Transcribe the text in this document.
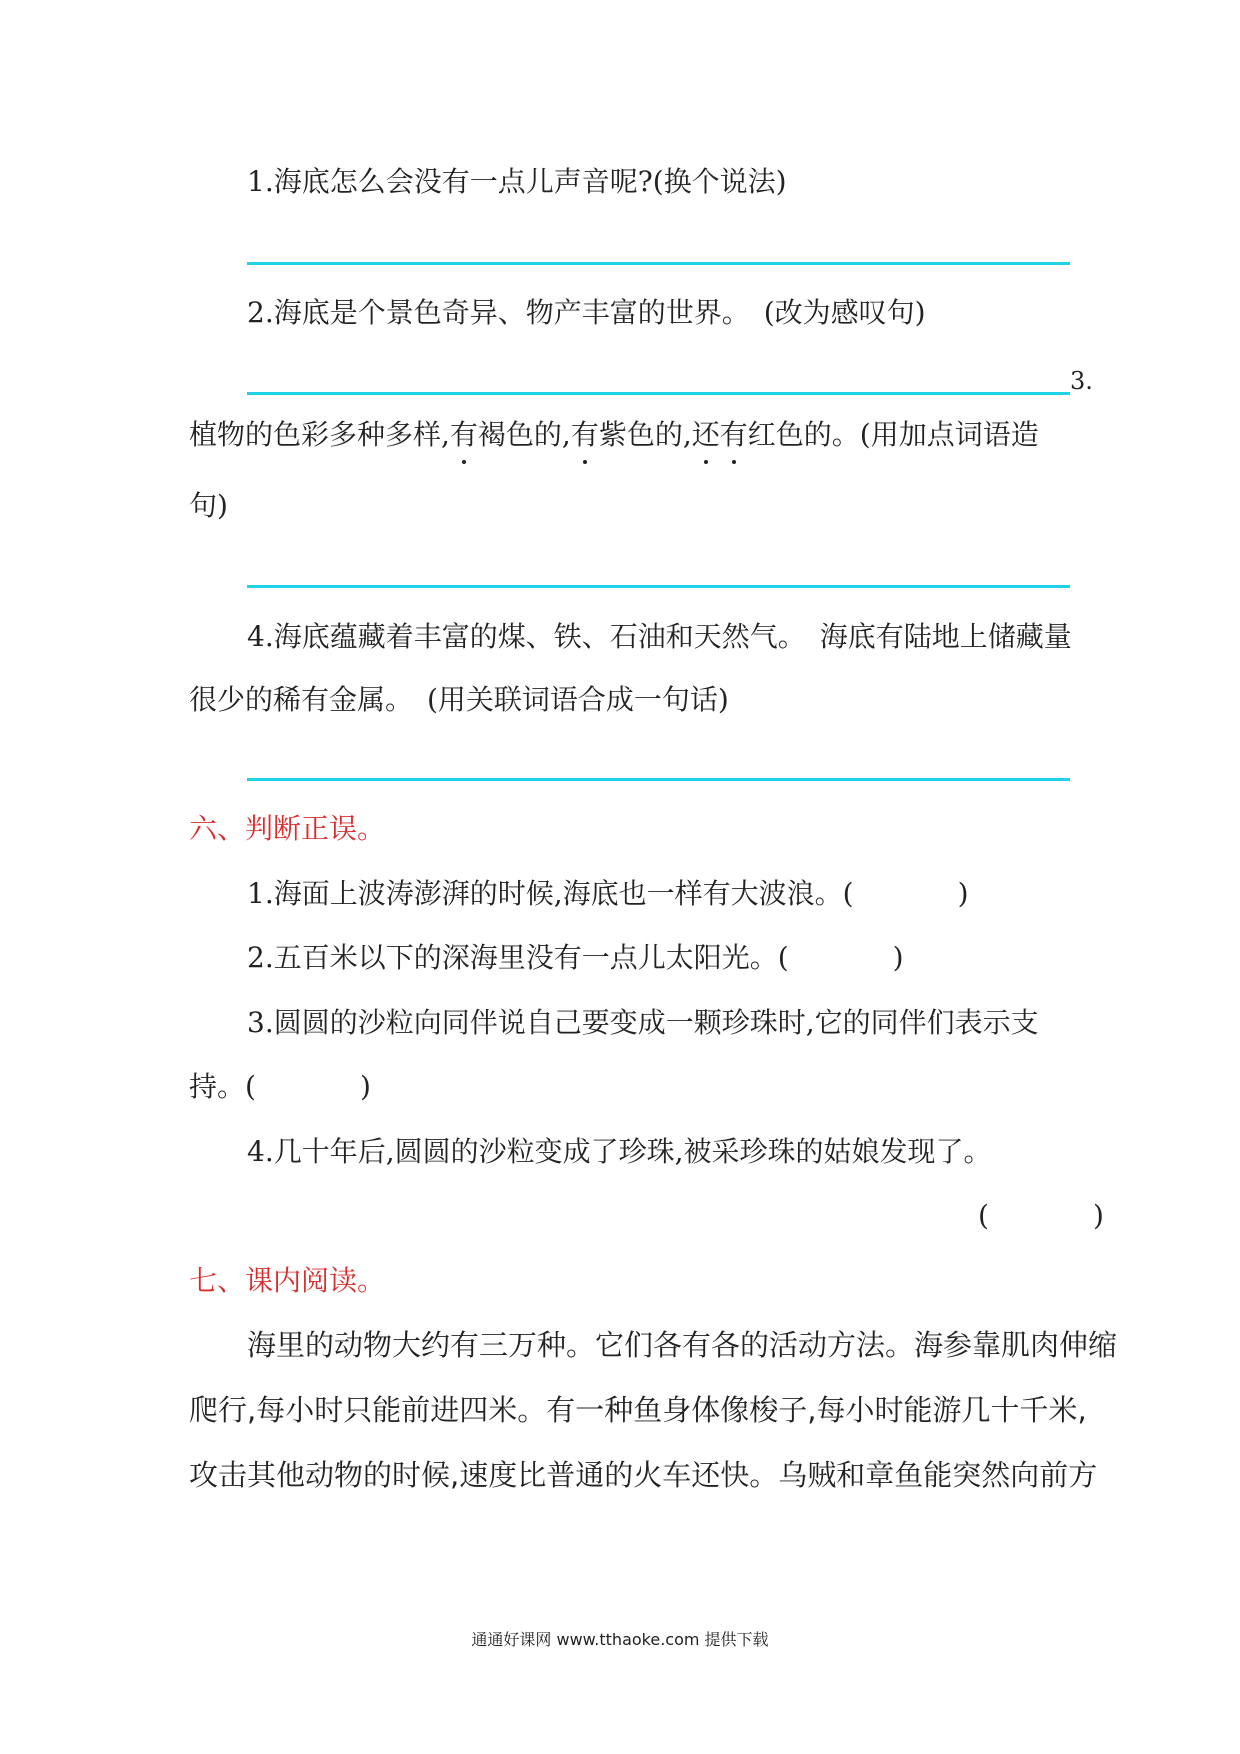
1.海底怎么会没有一点儿声音呢?(换个说法)
2.海底是个景色奇异、物产丰富的世界。　(改为感叹句)
3.
植物的色彩多种多样,有褐色的,有紫色的,还有红色的。(用加点词语造
句)
4.海底蕴藏着丰富的煤、铁、石油和天然气。　海底有陆地上储藏量
很少的稀有金属。　(用关联词语合成一句话)
六、判断正误。
1.海面上波涛澎湃的时候,海底也一样有大波浪。(	)
2.五百米以下的深海里没有一点儿太阳光。(	)
3.圆圆的沙粒向同伴说自己要变成一颗珍珠时,它的同伴们表示支
持。(	)
4.几十年后,圆圆的沙粒变成了珍珠,被采珍珠的姑娘发现了。
(	)
七、课内阅读。
海里的动物大约有三万种。它们各有各的活动方法。海参靠肌肉伸缩
爬行,每小时只能前进四米。有一种鱼身体像梭子,每小时能游几十千米,
攻击其他动物的时候,速度比普通的火车还快。乌贼和章鱼能突然向前方
通通好课网 www.tthaoke.com 提供下载
